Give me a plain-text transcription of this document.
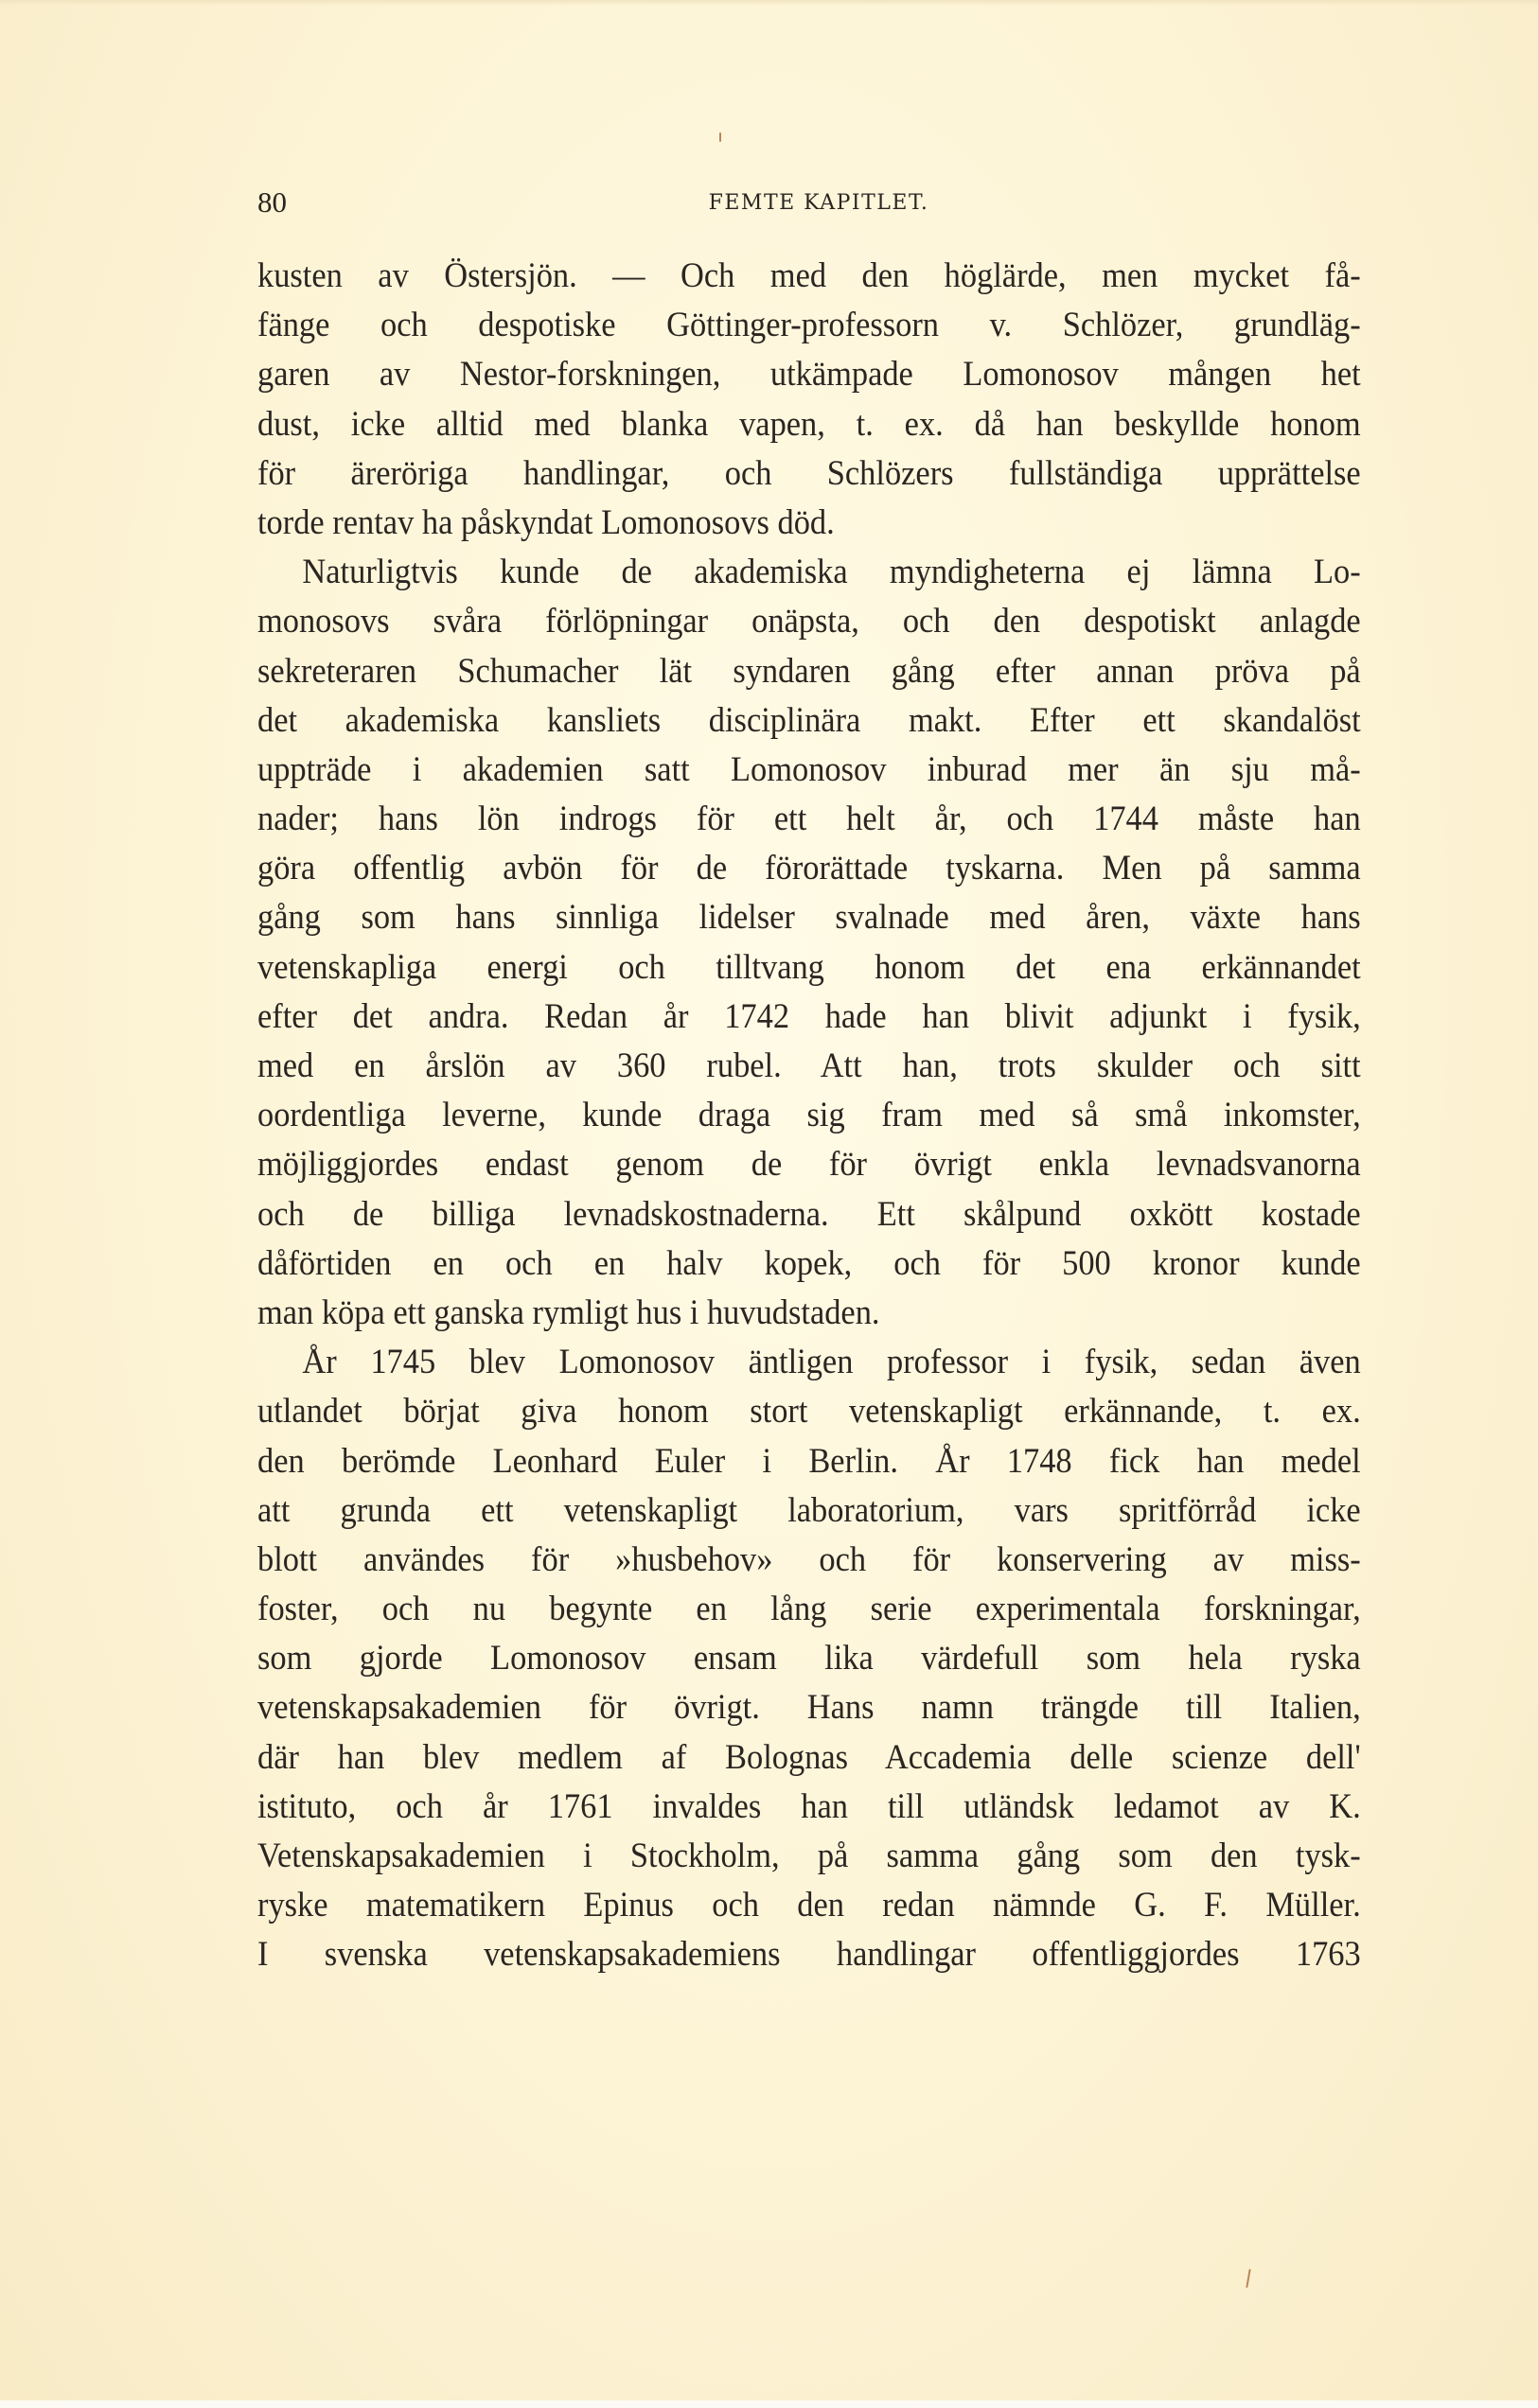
80	FEMTE KAPITLET.

kusten av Östersjön. — Och med den höglärde, men mycket få-
fänge och despotiske Göttinger-professorn v. Schlözer, grundläg-
garen av Nestor-forskningen, utkämpade Lomonosov mången het
dust, icke alltid med blanka vapen, t. ex. då han beskyllde honom
för äreröriga handlingar, och Schlözers fullständiga upprättelse
torde rentav ha påskyndat Lomonosovs död.

Naturligtvis kunde de akademiska myndigheterna ej lämna Lo-
monosovs svåra förlöpningar onäpsta, och den despotiskt anlagde
sekreteraren Schumacher lät syndaren gång efter annan pröva på
det akademiska kansliets disciplinära makt. Efter ett skandalöst
uppträde i akademien satt Lomonosov inburad mer än sju må-
nader; hans lön indrogs för ett helt år, och 1744 måste han
göra offentlig avbön för de förorättade tyskarna. Men på samma
gång som hans sinnliga lidelser svalnade med åren, växte hans
vetenskapliga energi och tilltvang honom det ena erkännandet
efter det andra. Redan år 1742 hade han blivit adjunkt i fysik,
med en årslön av 360 rubel. Att han, trots skulder och sitt
oordentliga leverne, kunde draga sig fram med så små inkomster,
möjliggjordes endast genom de för övrigt enkla levnadsvanorna
och de billiga levnadskostnaderna. Ett skålpund oxkött kostade
dåförtiden en och en halv kopek, och för 500 kronor kunde
man köpa ett ganska rymligt hus i huvudstaden.

År 1745 blev Lomonosov äntligen professor i fysik, sedan även
utlandet börjat giva honom stort vetenskapligt erkännande, t. ex.
den berömde Leonhard Euler i Berlin. År 1748 fick han medel
att grunda ett vetenskapligt laboratorium, vars spritförråd icke
blott användes för »husbehov» och för konservering av miss-
foster, och nu begynte en lång serie experimentala forskningar,
som gjorde Lomonosov ensam lika värdefull som hela ryska
vetenskapsakademien för övrigt. Hans namn trängde till Italien,
där han blev medlem af Bolognas Accademia delle scienze dell'
istituto, och år 1761 invaldes han till utländsk ledamot av K.
Vetenskapsakademien i Stockholm, på samma gång som den tysk-
ryske matematikern Epinus och den redan nämnde G. F. Müller.
I svenska vetenskapsakademiens handlingar offentliggjordes 1763
